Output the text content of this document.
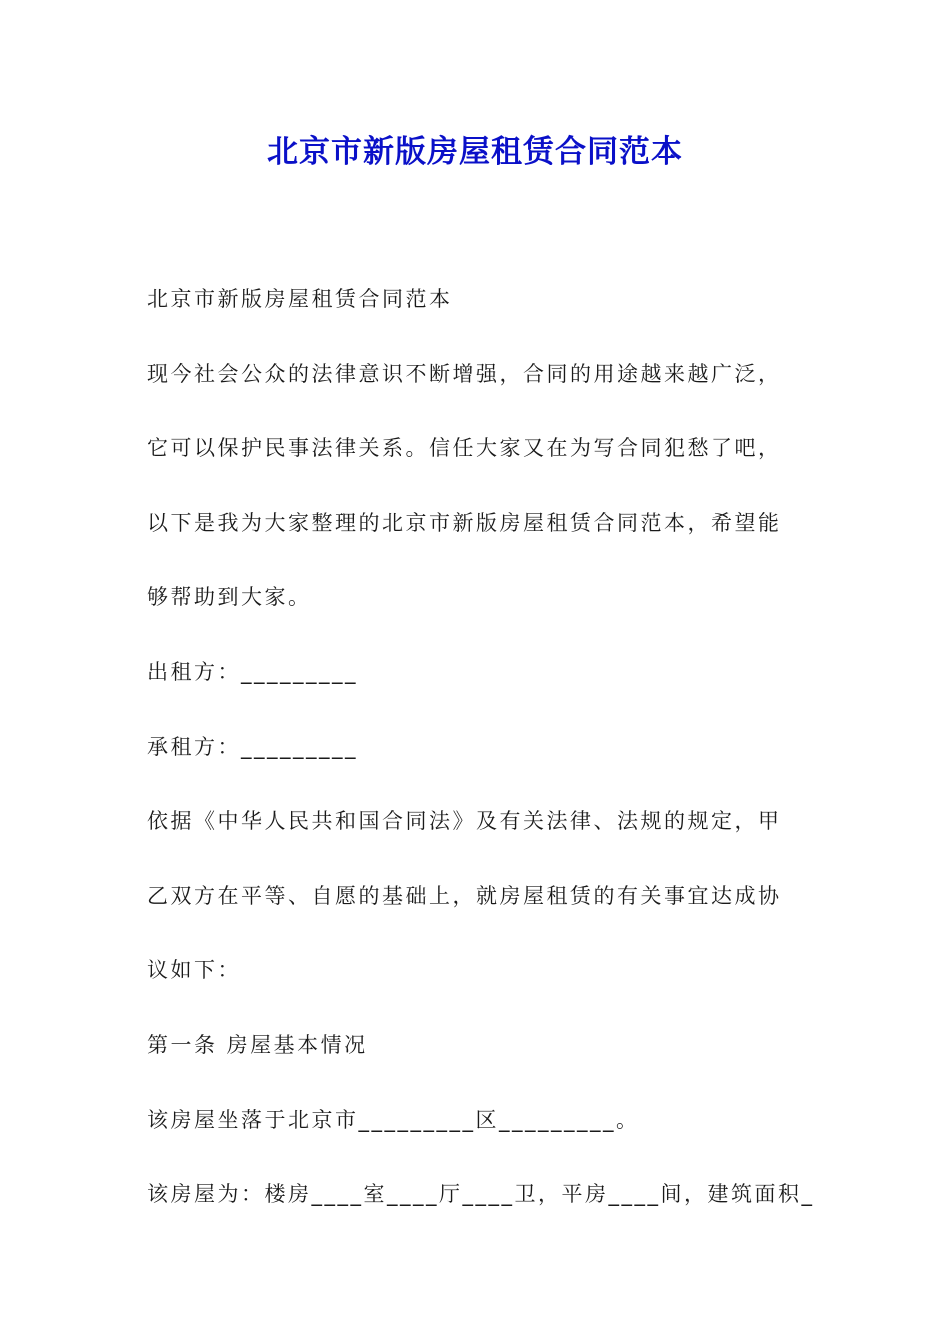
北京市新版房屋租赁合同范本
北京市新版房屋租赁合同范本
现今社会公众的法律意识不断增强，合同的用途越来越广泛，
它可以保护民事法律关系。信任大家又在为写合同犯愁了吧，
以下是我为大家整理的北京市新版房屋租赁合同范本，希望能
够帮助到大家。
出租方：_________
承租方：_________
依据《中华人民共和国合同法》及有关法律、法规的规定，甲
乙双方在平等、自愿的基础上，就房屋租赁的有关事宜达成协
议如下：
第一条 房屋基本情况
该房屋坐落于北京市_________区_________。
该房屋为：楼房____室____厅____卫，平房____间，建筑面积_
